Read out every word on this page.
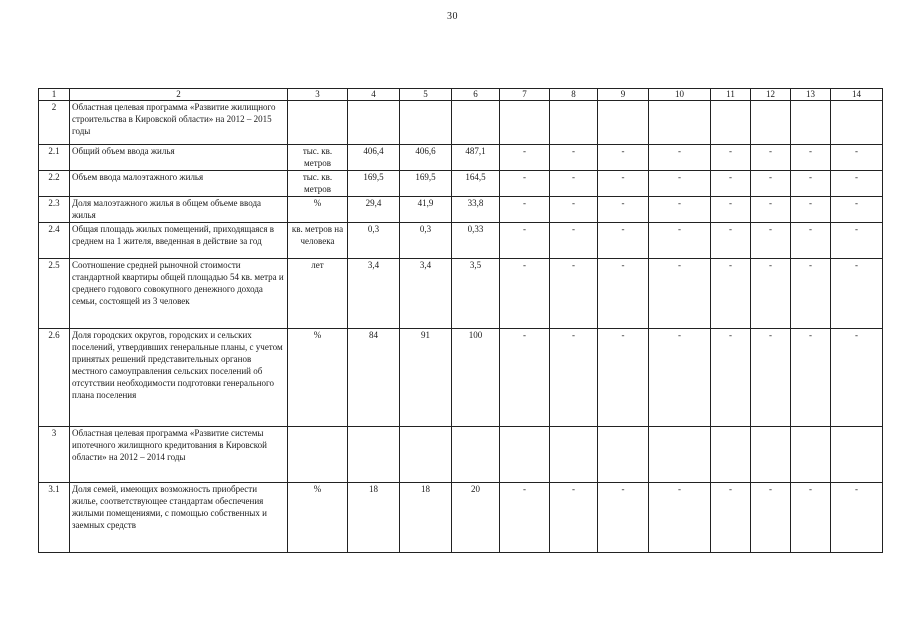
30
1	2	3	4	5	6	7	8	9	10	11	12	13	14
2	Областная целевая программа «Развитие жилищного строительства в Кировской области» на 2012 – 2015 годы												
2.1	Общий объем ввода жилья	тыс. кв. метров	406,4	406,6	487,1	-	-	-	-	-	-	-	-
2.2	Объем ввода малоэтажного жилья	тыс. кв. метров	169,5	169,5	164,5	-	-	-	-	-	-	-	-
2.3	Доля малоэтажного жилья в общем объеме ввода жилья	%	29,4	41,9	33,8	-	-	-	-	-	-	-	-
2.4	Общая площадь жилых помещений, приходящаяся в среднем на 1 жителя, введенная в действие за год	кв. метров на человека	0,3	0,3	0,33	-	-	-	-	-	-	-	-
2.5	Соотношение средней рыночной стоимости стандартной квартиры общей площадью 54 кв. метра и среднего годового совокупного денежного дохода семьи, состоящей из 3 человек	лет	3,4	3,4	3,5	-	-	-	-	-	-	-	-
2.6	Доля городских округов, городских и сельских поселений, утвердивших генеральные планы, с учетом принятых решений представительных органов местного самоуправления сельских поселений об отсутствии необходимости подготовки генерального плана поселения	%	84	91	100	-	-	-	-	-	-	-	-
3	Областная целевая программа «Развитие системы ипотечного жилищного кредитования в Кировской области» на 2012 – 2014 годы												
3.1	Доля семей, имеющих возможность приобрести жилье, соответствующее стандартам обеспечения жилыми помещениями, с помощью собственных и заемных средств	%	18	18	20	-	-	-	-	-	-	-	-
